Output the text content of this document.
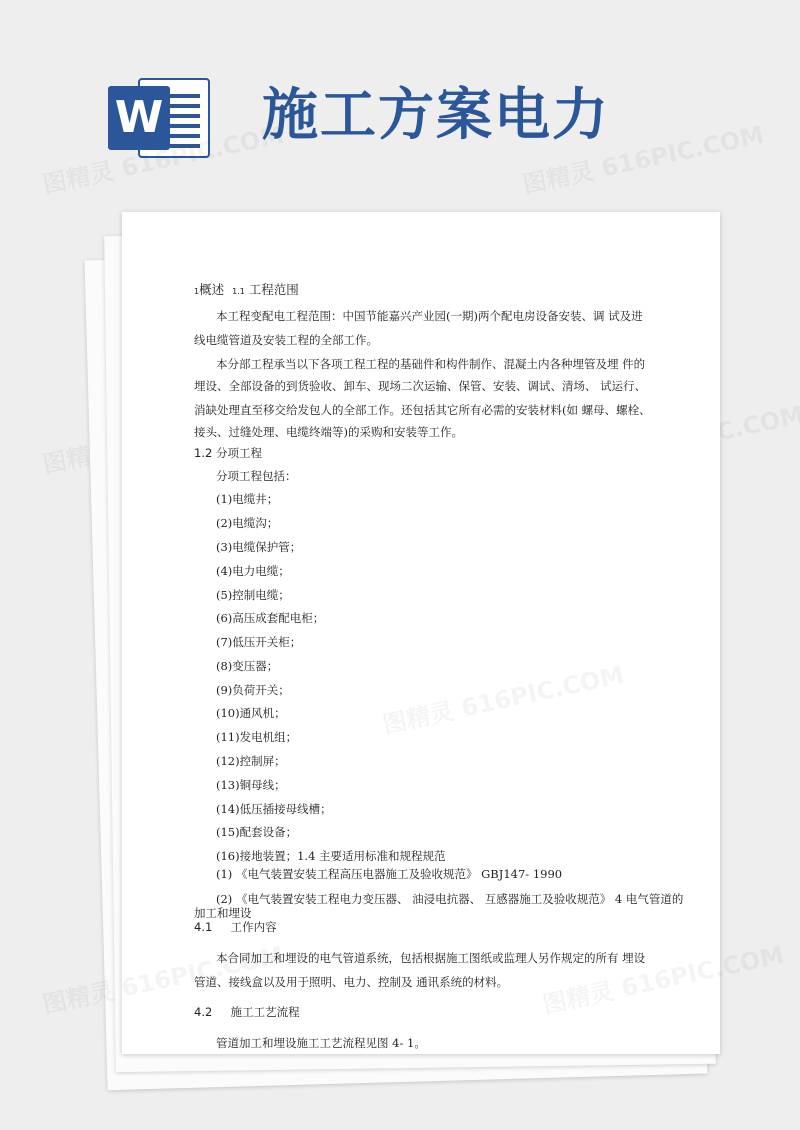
W 施工方案电力
1概述 1.1 工程范围
本工程变配电工程范围：中国节能嘉兴产业园(一期)两个配电房设备安装、调 试及进
线电缆管道及安装工程的全部工作。
本分部工程承当以下各项工程工程的基础件和构件制作、混凝土内各种埋管及埋 件的
埋设、全部设备的到货验收、卸车、现场二次运输、保管、安装、调试、清场、 试运行、
消缺处理直至移交给发包人的全部工作。还包括其它所有必需的安装材料(如 螺母、螺栓、
接头、过缝处理、电缆终端等)的采购和安装等工作。
1.2 分项工程
分项工程包括：
(1)电缆井；
(2)电缆沟；
(3)电缆保护管；
(4)电力电缆；
(5)控制电缆；
(6)高压成套配电柜；
(7)低压开关柜；
(8)变压器；
(9)负荷开关；
(10)通风机；
(11)发电机组；
(12)控制屏；
(13)铜母线；
(14)低压插接母线槽；
(15)配套设备；
(16)接地装置；1.4 主要适用标准和规程规范
(1) 《电气装置安装工程高压电器施工及验收规范》 GBJ147- 1990
(2) 《电气装置安装工程电力变压器、 油浸电抗器、 互感器施工及验收规范》 4 电气管道的
加工和埋设
4.1     工作内容
本合同加工和埋设的电气管道系统，包括根据施工图纸或监理人另作规定的所有 埋设
管道、接线盒以及用于照明、电力、控制及 通讯系统的材料。
4.2     施工工艺流程
管道加工和埋设施工工艺流程见图 4- 1。
